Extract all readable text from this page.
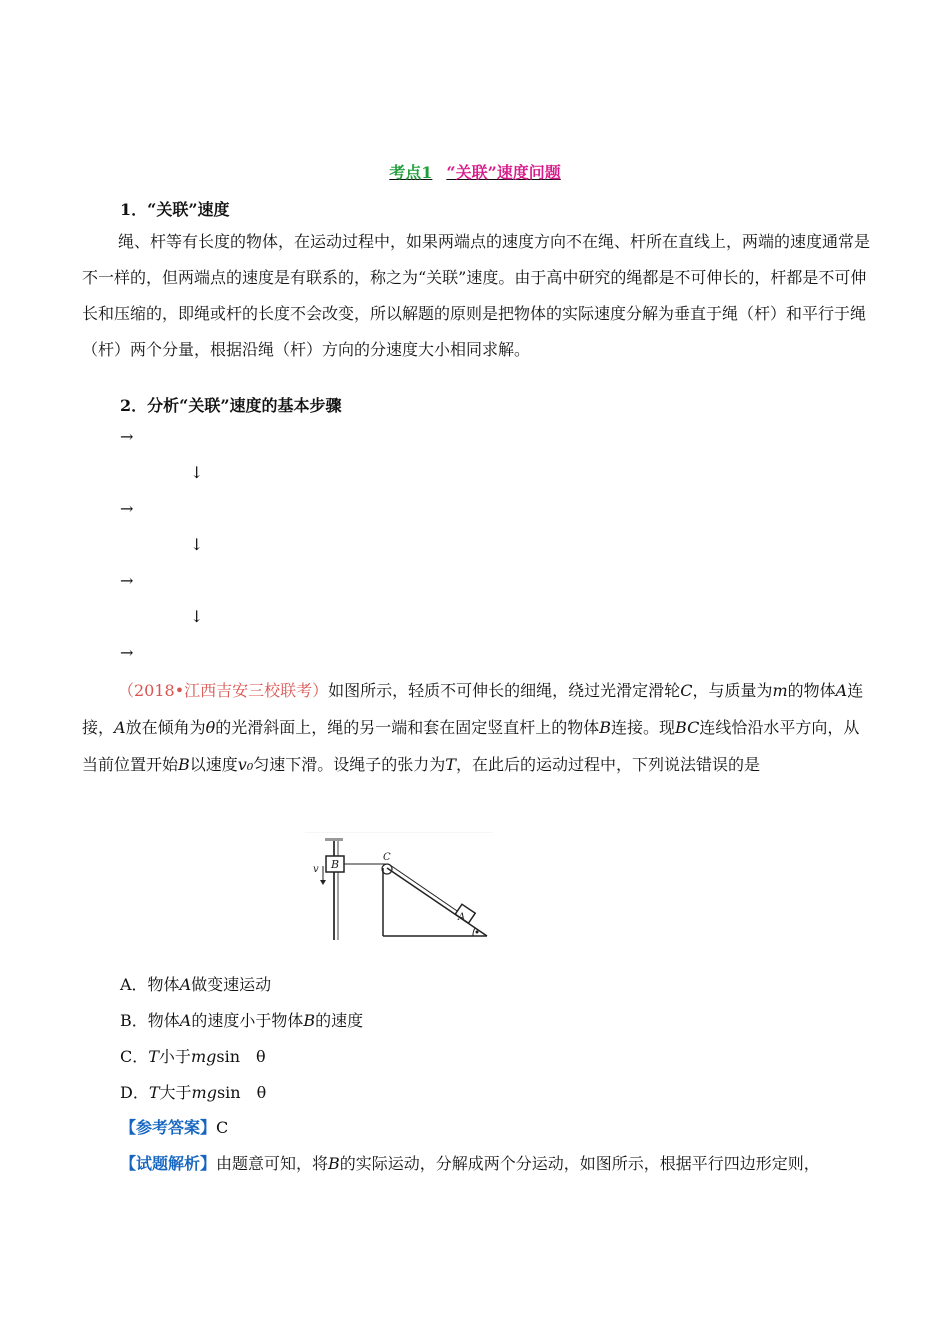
考点1 “关联”速度问题
1．“关联”速度
绳、杆等有长度的物体，在运动过程中，如果两端点的速度方向不在绳、杆所在直线上，两端的速度通常是不一样的，但两端点的速度是有联系的，称之为“关联”速度。由于高中研究的绳都是不可伸长的，杆都是不可伸长和压缩的，即绳或杆的长度不会改变，所以解题的原则是把物体的实际速度分解为垂直于绳（杆）和平行于绳（杆）两个分量，根据沿绳（杆）方向的分速度大小相同求解。
2．分析“关联”速度的基本步骤
→
↓
→
↓
→
↓
→
（2018•江西吉安三校联考）如图所示，轻质不可伸长的细绳，绕过光滑定滑轮C，与质量为m的物体A连接，A放在倾角为θ的光滑斜面上，绳的另一端和套在固定竖直杆上的物体B连接。现BC连线恰沿水平方向，从当前位置开始B以速度v₀匀速下滑。设绳子的张力为T，在此后的运动过程中，下列说法错误的是
B
v
C
A
A．物体A做变速运动
B．物体A的速度小于物体B的速度
C．T小于mgsin　θ
D．T大于mgsin　θ
【参考答案】C
【试题解析】由题意可知，将B的实际运动，分解成两个分运动，如图所示，根据平行四边形定则，
